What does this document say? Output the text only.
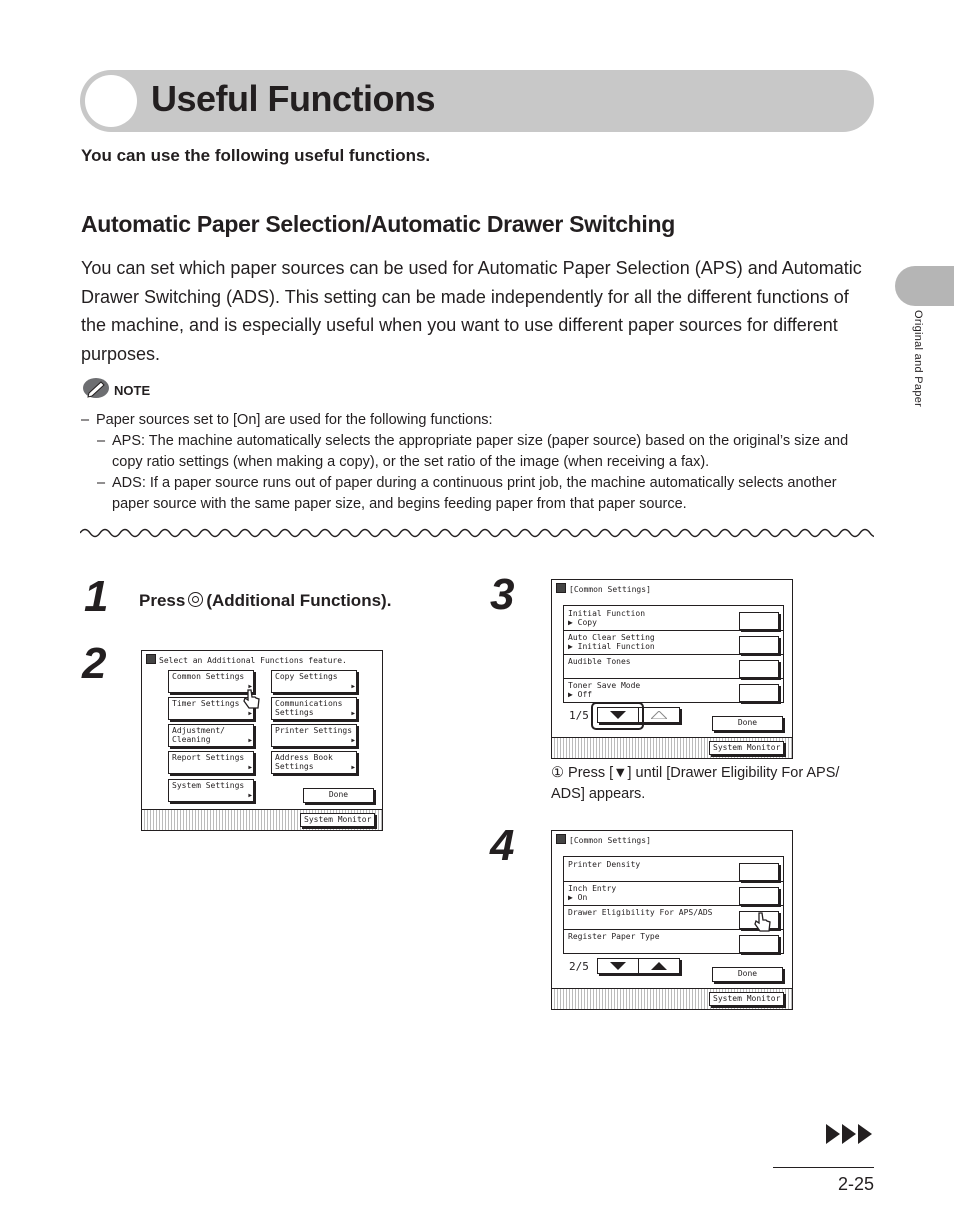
Useful Functions
You can use the following useful functions.
Automatic Paper Selection/Automatic Drawer Switching
You can set which paper sources can be used for Automatic Paper Selection (APS) and Automatic Drawer Switching (ADS). This setting can be made independently for all the different functions of the machine, and is especially useful when you want to use different paper sources for different purposes.
NOTE
– Paper sources set to [On] are used for the following functions:
– APS: The machine automatically selects the appropriate paper size (paper source) based on the original’s size and copy ratio settings (when making a copy), or the set ratio of the image (when receiving a fax).
– ADS: If a paper source runs out of paper during a continuous print job, the machine automatically selects another paper source with the same paper size, and begins feeding paper from that paper source.
1 Press (Additional Functions).
2
3
4
Select an Additional Functions feature.
Common Settings
▶
Copy Settings
▶
Timer Settings
▶
Communications
Settings	▶
Adjustment/
Cleaning	▶
Printer Settings
▶
Report Settings
▶
Address Book
Settings	▶
System Settings
▶	Done
System Monitor
[Common Settings]
Initial Function
▶ Copy
Auto Clear Setting
▶ Initial Function
Audible Tones
Toner Save Mode
▶ Off
1/5
Done
System Monitor
① Press [▼] until [Drawer Eligibility For APS/ ADS] appears.
[Common Settings]
Printer Density
Inch Entry
▶ On
Drawer Eligibility For APS/ADS
Register Paper Type
2/5
Done
System Monitor
Original and Paper
2-25
